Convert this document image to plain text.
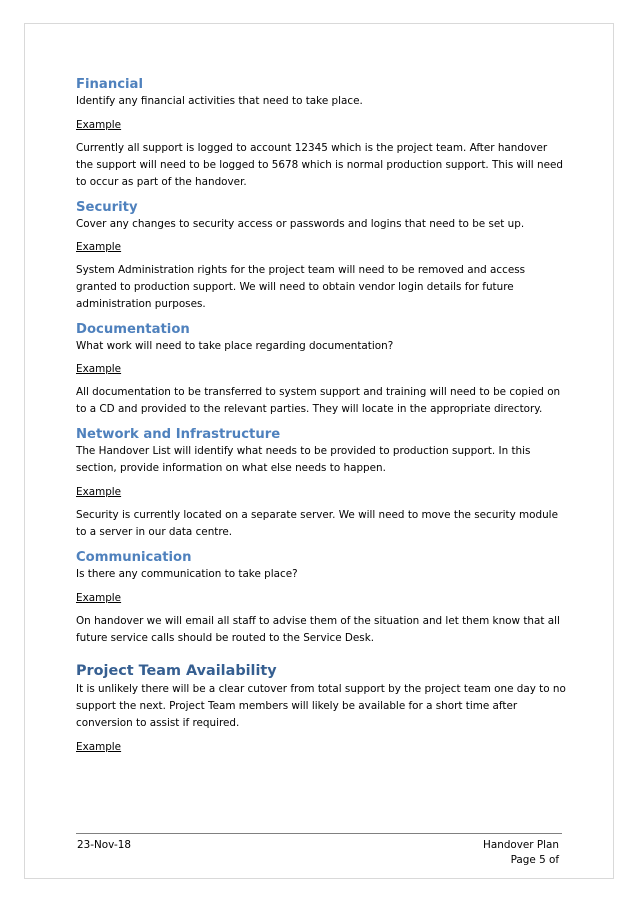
Financial
Identify any financial activities that need to take place.
Example
Currently all support is logged to account 12345 which is the project team. After handover the support will need to be logged to 5678 which is normal production support. This will need to occur as part of the handover.
Security
Cover any changes to security access or passwords and logins that need to be set up.
Example
System Administration rights for the project team will need to be removed and access granted to production support. We will need to obtain vendor login details for future administration purposes.
Documentation
What work will need to take place regarding documentation?
Example
All documentation to be transferred to system support and training will need to be copied on to a CD and provided to the relevant parties. They will locate in the appropriate directory.
Network and Infrastructure
The Handover List will identify what needs to be provided to production support. In this section, provide information on what else needs to happen.
Example
Security is currently located on a separate server. We will need to move the security module to a server in our data centre.
Communication
Is there any communication to take place?
Example
On handover we will email all staff to advise them of the situation and let them know that all future service calls should be routed to the Service Desk.
Project Team Availability
It is unlikely there will be a clear cutover from total support by the project team one day to no support the next. Project Team members will likely be available for a short time after conversion to assist if required.
Example
23-Nov-18	Handover Plan
Page 5 of
